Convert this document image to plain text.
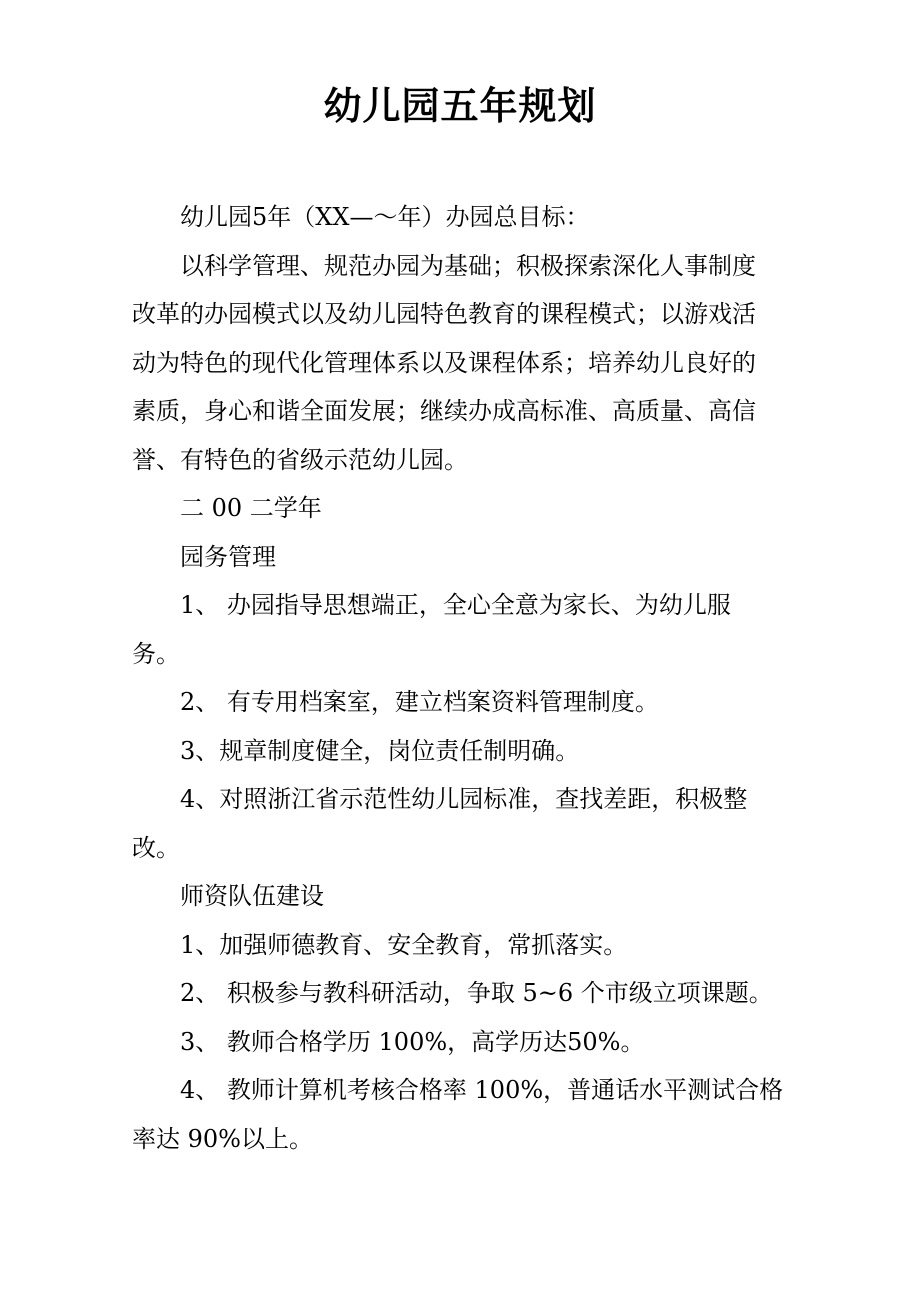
幼儿园五年规划
幼儿园5年（XX—～年）办园总目标：
以科学管理、规范办园为基础；积极探索深化人事制度
改革的办园模式以及幼儿园特色教育的课程模式；以游戏活
动为特色的现代化管理体系以及课程体系；培养幼儿良好的
素质，身心和谐全面发展；继续办成高标准、高质量、高信
誉、有特色的省级示范幼儿园。
二 00 二学年
园务管理
1、 办园指导思想端正，全心全意为家长、为幼儿服
务。
2、 有专用档案室，建立档案资料管理制度。
3、规章制度健全，岗位责任制明确。
4、对照浙江省示范性幼儿园标准，查找差距，积极整
改。
师资队伍建设
1、加强师德教育、安全教育，常抓落实。
2、 积极参与教科研活动，争取 5~6 个市级立项课题。
3、 教师合格学历 100%，高学历达50%。
4、 教师计算机考核合格率 100%，普通话水平测试合格
率达 90%以上。
